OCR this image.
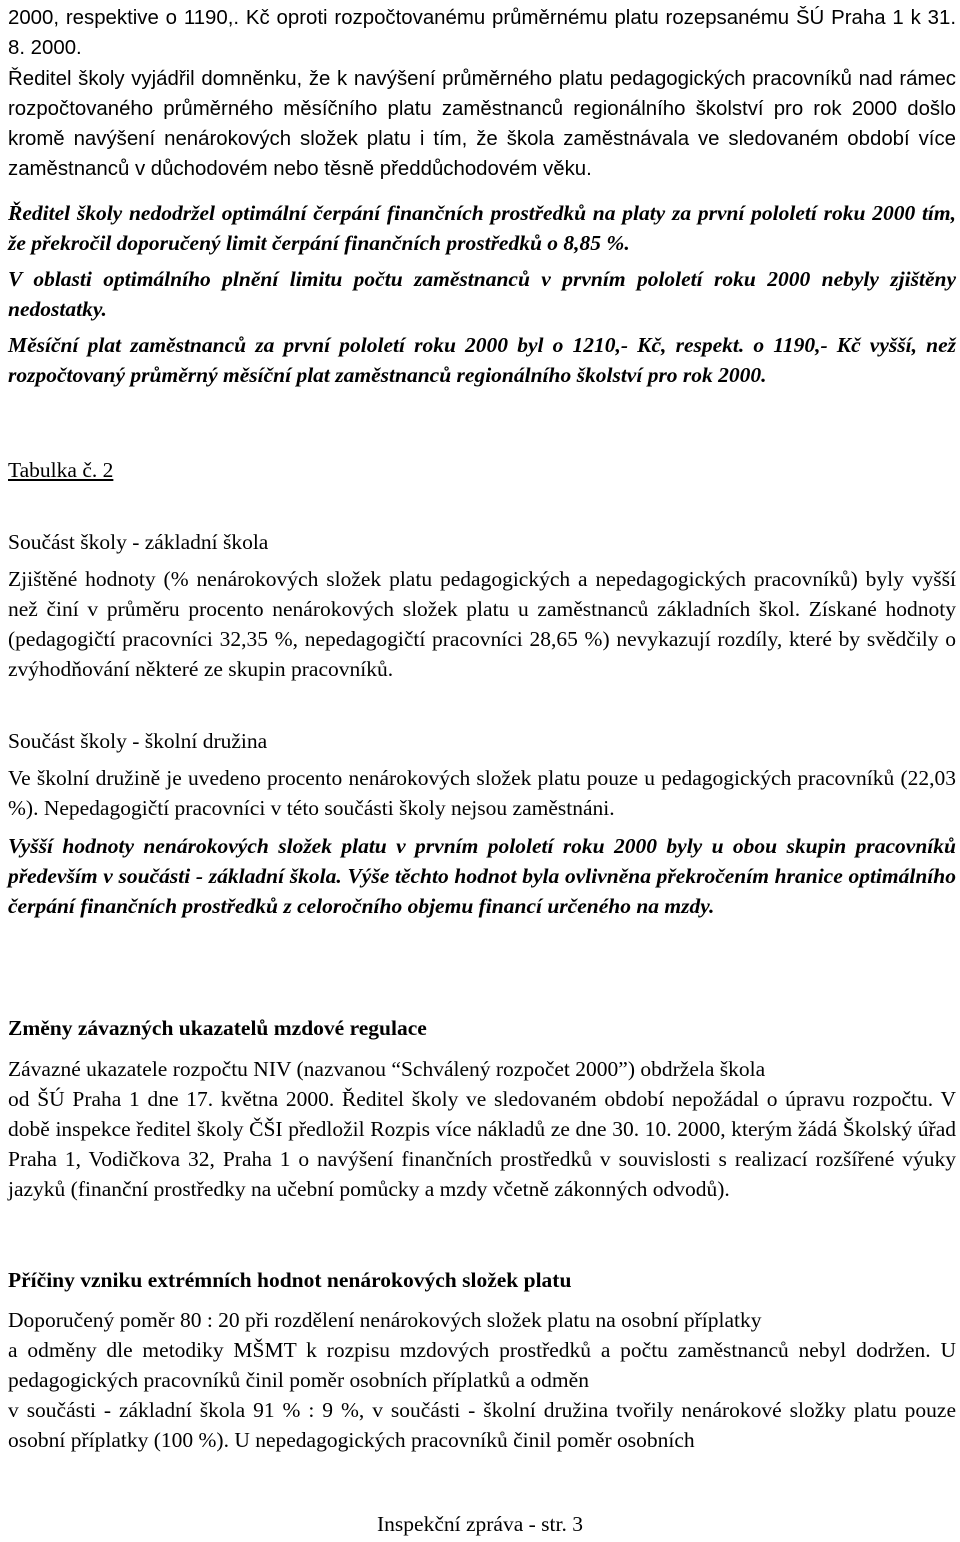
2000, respektive o 1190,. Kč oproti rozpočtovanému průměrnému platu rozepsanému ŠÚ Praha 1 k 31. 8. 2000.

Ředitel školy vyjádřil domněnku, že k navýšení průměrného platu pedagogických pracovníků nad rámec rozpočtovaného průměrného měsíčního platu zaměstnanců regionálního školství pro rok 2000 došlo kromě navýšení nenárokových složek platu i tím, že škola zaměstnávala ve sledovaném období více zaměstnanců v důchodovém nebo těsně předdůchodovém věku.

Ředitel školy nedodržel optimální čerpání finančních prostředků na platy za první pololetí roku 2000 tím, že překročil doporučený limit čerpání finančních prostředků o 8,85 %.

V oblasti optimálního plnění limitu počtu zaměstnanců v prvním pololetí roku 2000 nebyly zjištěny nedostatky.

Měsíční plat zaměstnanců za první pololetí roku 2000 byl o 1210,- Kč, respekt. o 1190,- Kč vyšší, než rozpočtovaný průměrný měsíční plat zaměstnanců regionálního školství pro rok 2000.

Tabulka č. 2

Součást školy - základní škola

Zjištěné hodnoty (% nenárokových složek platu pedagogických a nepedagogických pracovníků) byly vyšší než činí v průměru procento nenárokových složek platu u zaměstnanců základních škol. Získané hodnoty (pedagogičtí pracovníci 32,35 %, nepedagogičtí pracovníci 28,65 %) nevykazují rozdíly, které by svědčily o zvýhodňování některé ze skupin pracovníků.

Součást školy - školní družina

Ve školní družině je uvedeno procento nenárokových složek platu pouze u pedagogických pracovníků (22,03 %). Nepedagogičtí pracovníci v této součásti školy nejsou zaměstnáni.

Vyšší hodnoty nenárokových složek platu v prvním pololetí roku 2000 byly u obou skupin pracovníků především v součásti - základní škola. Výše těchto hodnot byla ovlivněna překročením hranice optimálního čerpání finančních prostředků z celoročního objemu financí určeného na mzdy.

Změny závazných ukazatelů mzdové regulace

Závazné ukazatele rozpočtu NIV (nazvanou “Schválený rozpočet 2000”) obdržela škola

od ŠÚ Praha 1 dne 17. května 2000. Ředitel školy ve sledovaném období nepožádal o úpravu rozpočtu. V době inspekce ředitel školy ČŠI předložil Rozpis více nákladů ze dne 30. 10. 2000, kterým žádá Školský úřad Praha 1, Vodičkova 32, Praha 1 o navýšení finančních prostředků v souvislosti s realizací rozšířené výuky jazyků (finanční prostředky na učební pomůcky a mzdy včetně zákonných odvodů).

Příčiny vzniku extrémních hodnot nenárokových složek platu

Doporučený poměr 80 : 20 při rozdělení nenárokových složek platu na osobní příplatky

a odměny dle metodiky MŠMT k rozpisu mzdových prostředků a počtu zaměstnanců nebyl dodržen. U pedagogických pracovníků činil poměr osobních příplatků a odměn

v součásti - základní škola 91 % : 9 %, v součásti - školní družina tvořily nenárokové složky platu pouze osobní příplatky (100 %). U nepedagogických pracovníků činil poměr osobních

Inspekční zpráva - str. 3
